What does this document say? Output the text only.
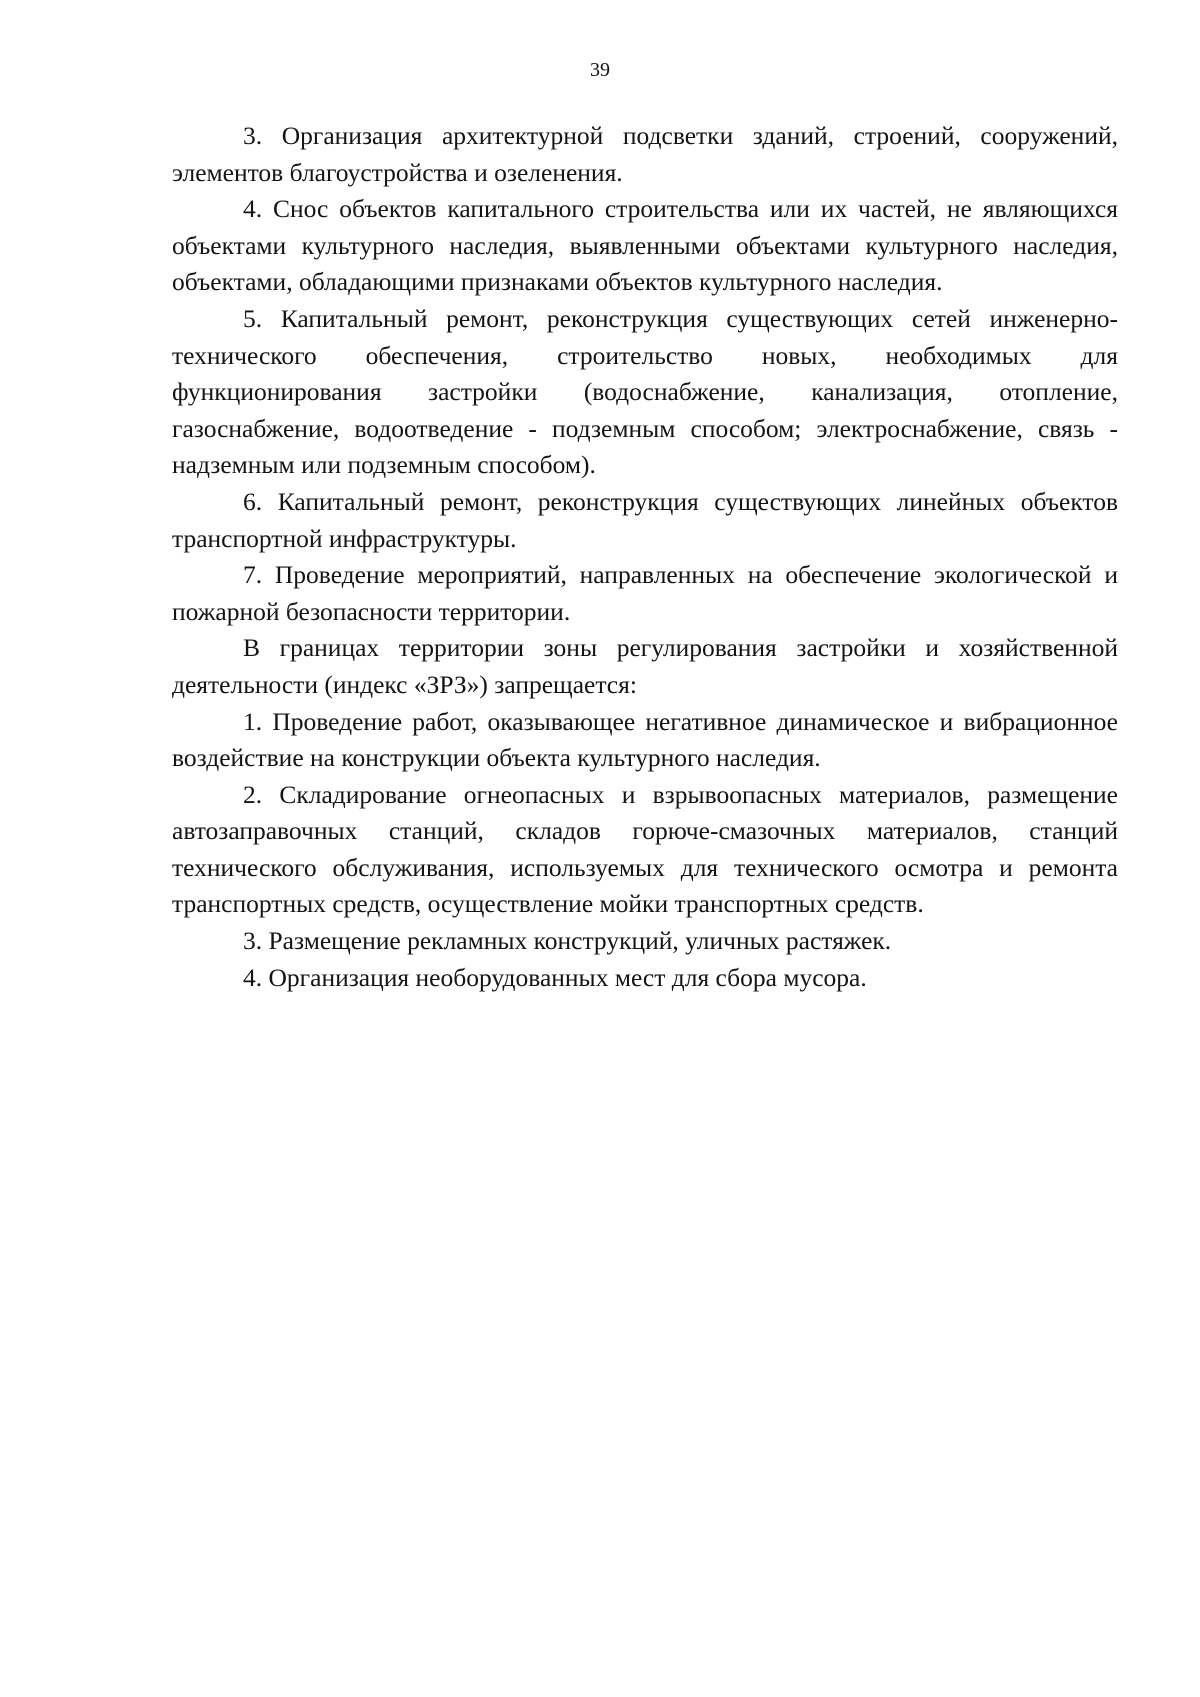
39

3. Организация архитектурной подсветки зданий, строений, сооружений, элементов благоустройства и озеленения.

4. Снос объектов капитального строительства или их частей, не являющихся объектами культурного наследия, выявленными объектами культурного наследия, объектами, обладающими признаками объектов культурного наследия.

5. Капитальный ремонт, реконструкция существующих сетей инженерно-технического обеспечения, строительство новых, необходимых для функционирования застройки (водоснабжение, канализация, отопление, газоснабжение, водоотведение - подземным способом; электроснабжение, связь - надземным или подземным способом).

6. Капитальный ремонт, реконструкция существующих линейных объектов транспортной инфраструктуры.

7. Проведение мероприятий, направленных на обеспечение экологической и пожарной безопасности территории.

В границах территории зоны регулирования застройки и хозяйственной деятельности (индекс «ЗРЗ») запрещается:

1. Проведение работ, оказывающее негативное динамическое и вибрационное воздействие на конструкции объекта культурного наследия.

2. Складирование огнеопасных и взрывоопасных материалов, размещение автозаправочных станций, складов горюче-смазочных материалов, станций технического обслуживания, используемых для технического осмотра и ремонта транспортных средств, осуществление мойки транспортных средств.

3. Размещение рекламных конструкций, уличных растяжек.

4. Организация необорудованных мест для сбора мусора.
